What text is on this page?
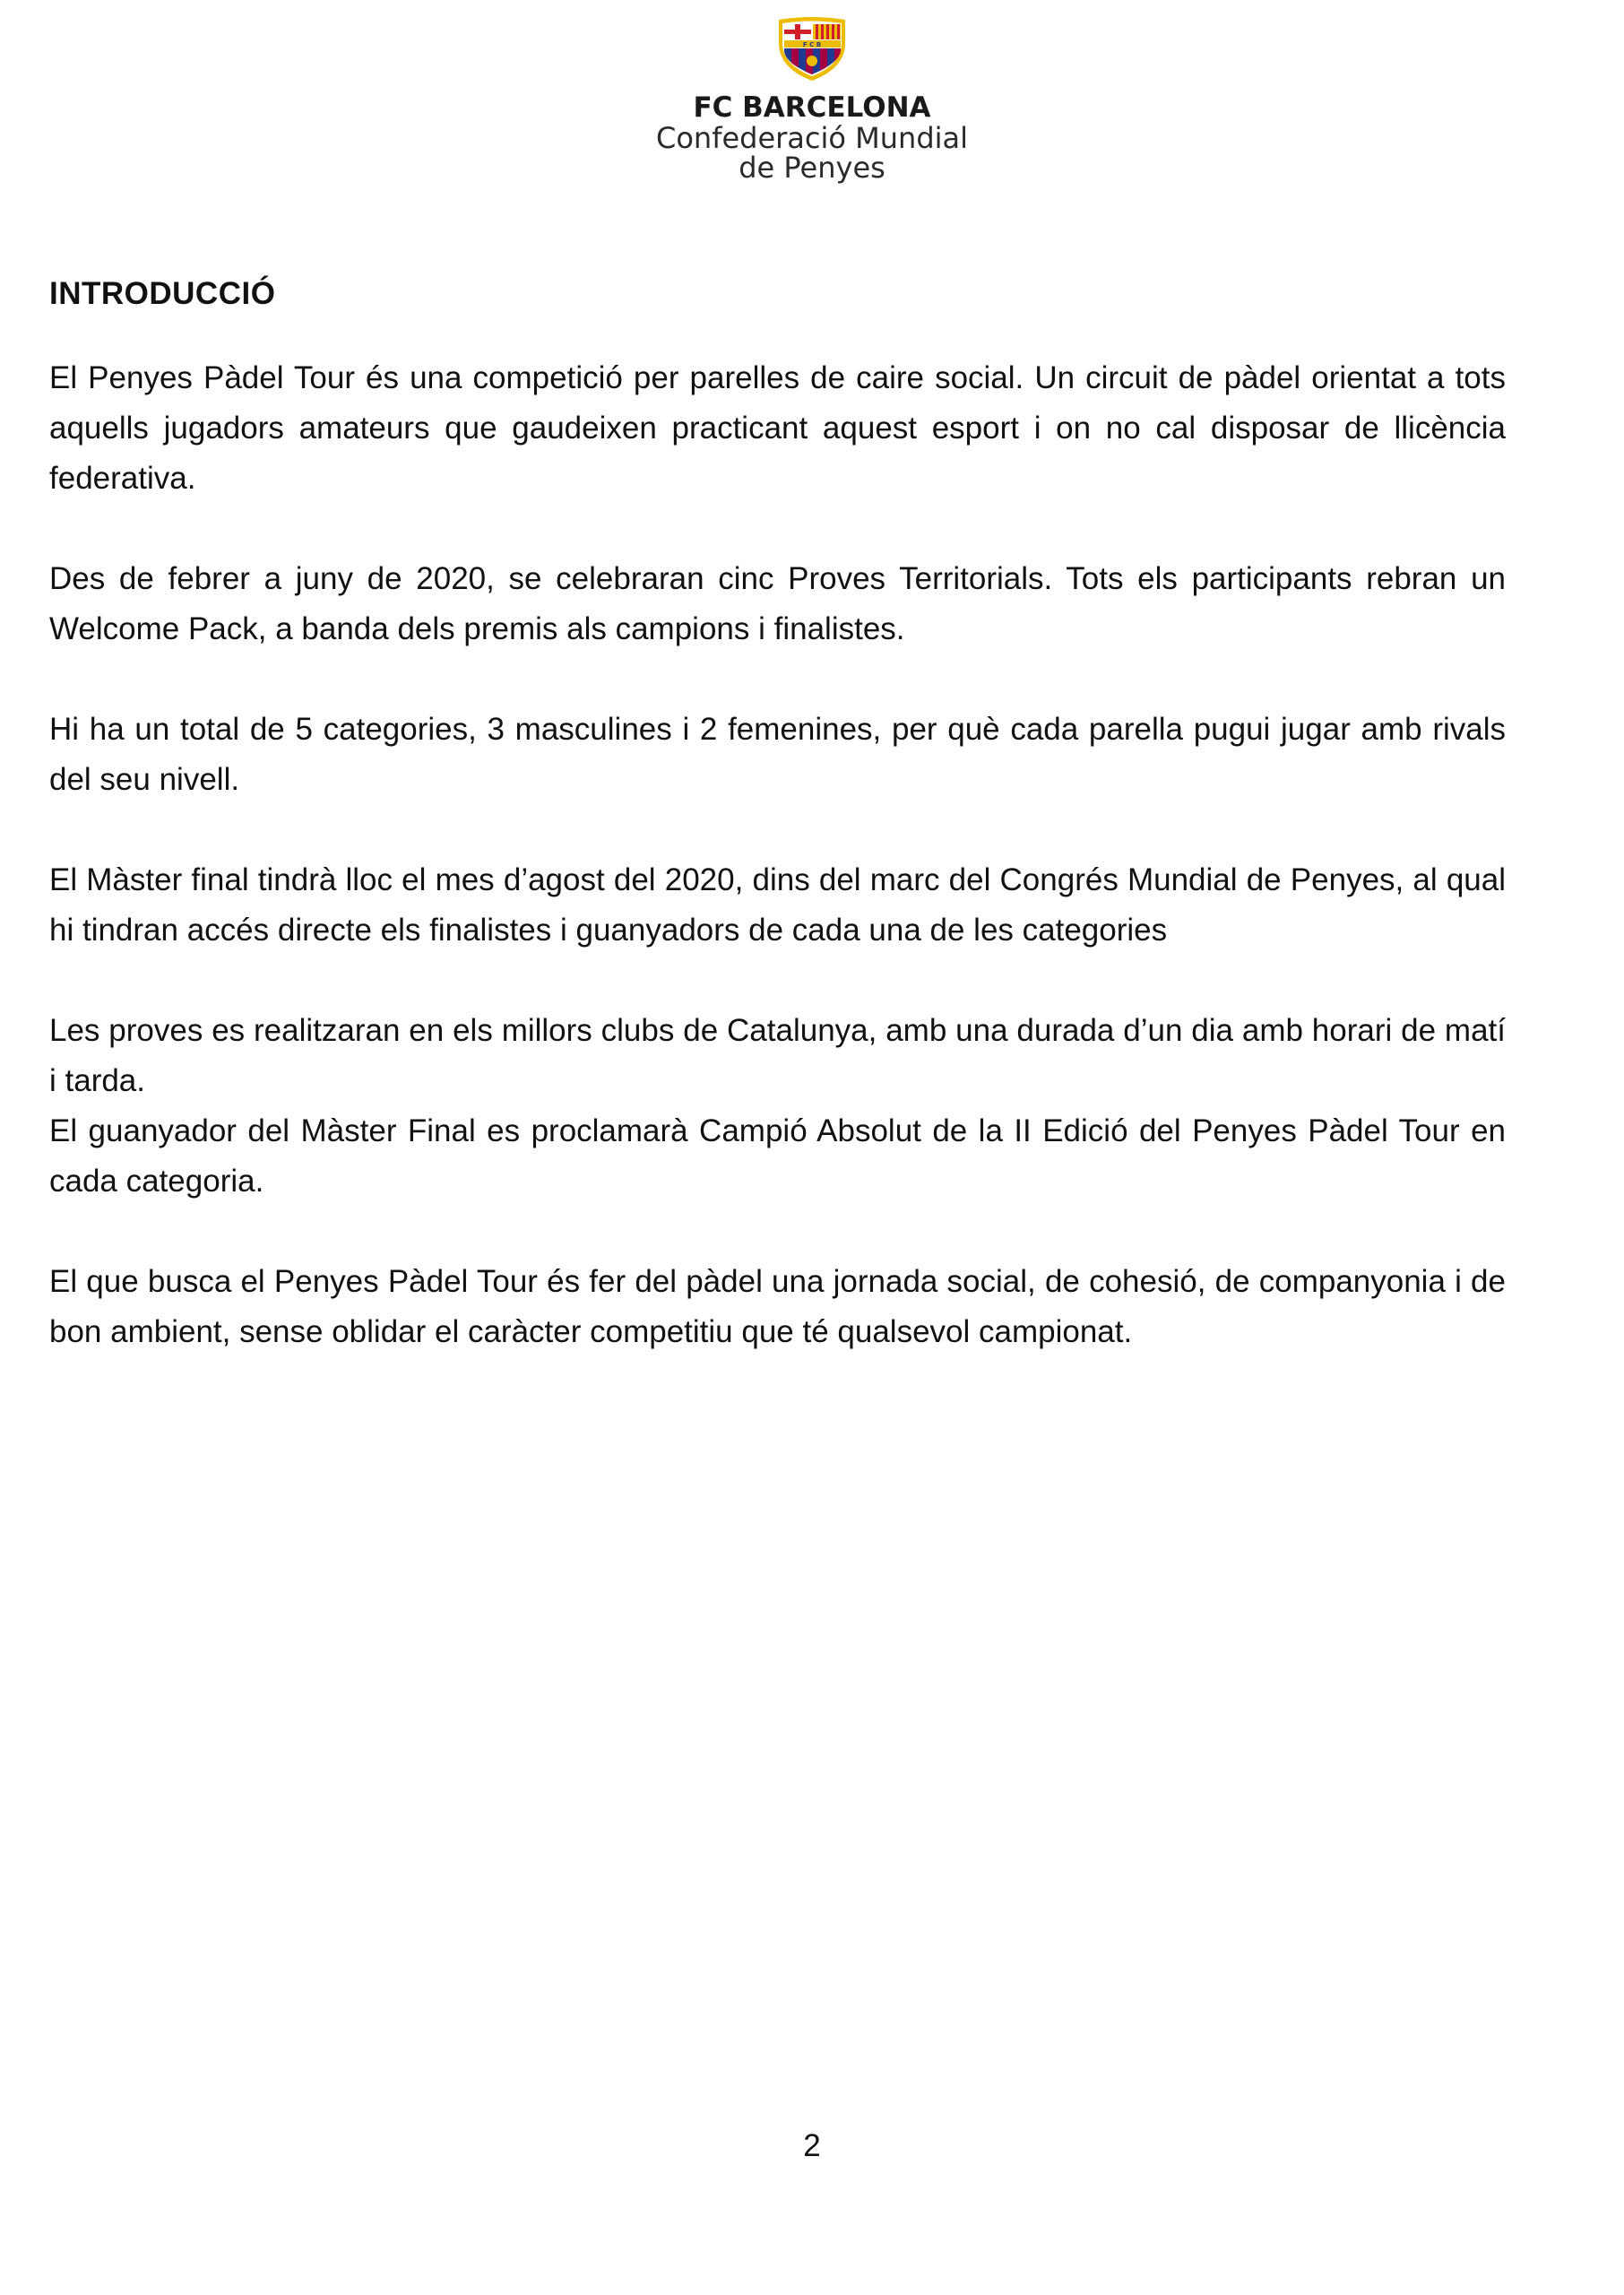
F C B
FC BARCELONA
Confederació Mundial
de Penyes
INTRODUCCIÓ

El Penyes Pàdel Tour és una competició per parelles de caire social. Un circuit de pàdel orientat a tots aquells jugadors amateurs que gaudeixen practicant aquest esport i on no cal disposar de llicència federativa.

Des de febrer a juny de 2020, se celebraran cinc Proves Territorials. Tots els participants rebran un Welcome Pack, a banda dels premis als campions i finalistes.

Hi ha un total de 5 categories, 3 masculines i 2 femenines, per què cada parella pugui jugar amb rivals del seu nivell.

El Màster final tindrà lloc el mes d’agost del 2020, dins del marc del Congrés Mundial de Penyes, al qual hi tindran accés directe els finalistes i guanyadors de cada una de les categories

Les proves es realitzaran en els millors clubs de Catalunya, amb una durada d’un dia amb horari de matí i tarda.

El guanyador del Màster Final es proclamarà Campió Absolut de la II Edició del Penyes Pàdel Tour en cada categoria.

El que busca el Penyes Pàdel Tour és fer del pàdel una jornada social, de cohesió, de companyonia i de bon ambient, sense oblidar el caràcter competitiu que té qualsevol campionat.

2
